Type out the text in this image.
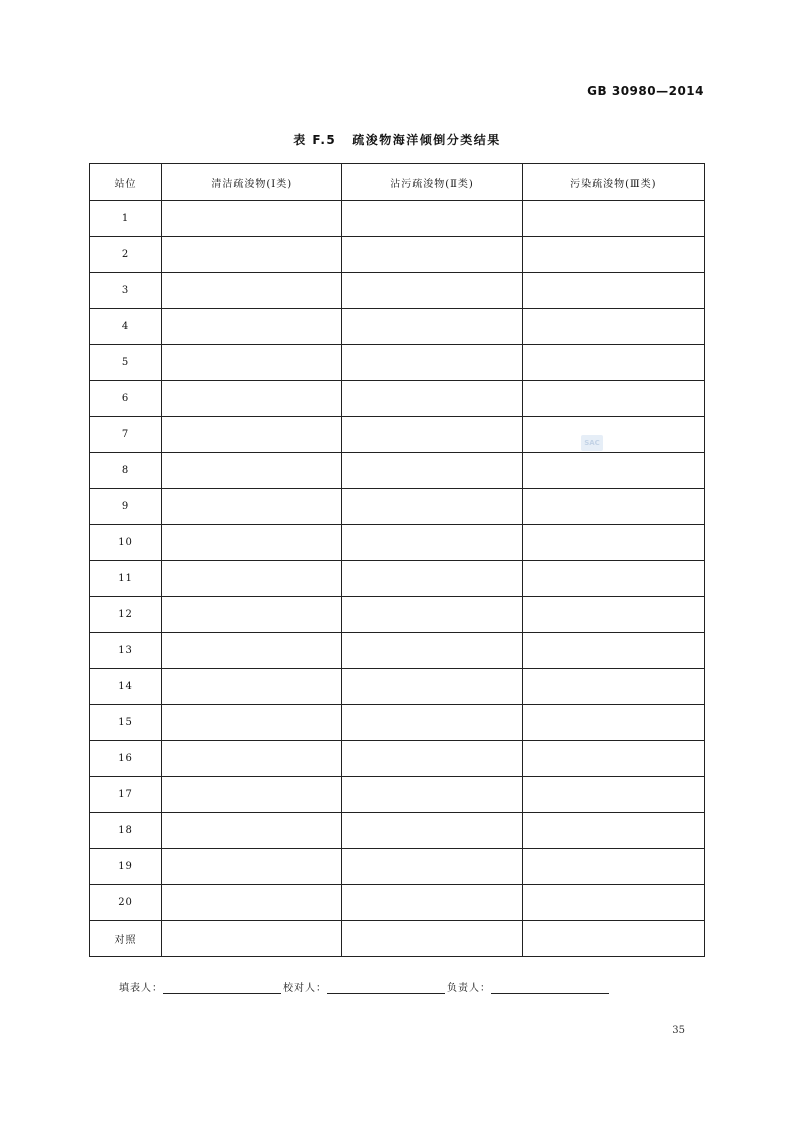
GB 30980—2014
表 F.5 疏浚物海洋倾倒分类结果
站位	清洁疏浚物(Ⅰ类)	沾污疏浚物(Ⅱ类)	污染疏浚物(Ⅲ类)
1			
2			
3			
4			
5			
6			
7			
8			
9			
10			
11			
12			
13			
14			
15			
16			
17			
18			
19			
20			
对照			
SAC
填表人：	校对人：	负责人：
35
